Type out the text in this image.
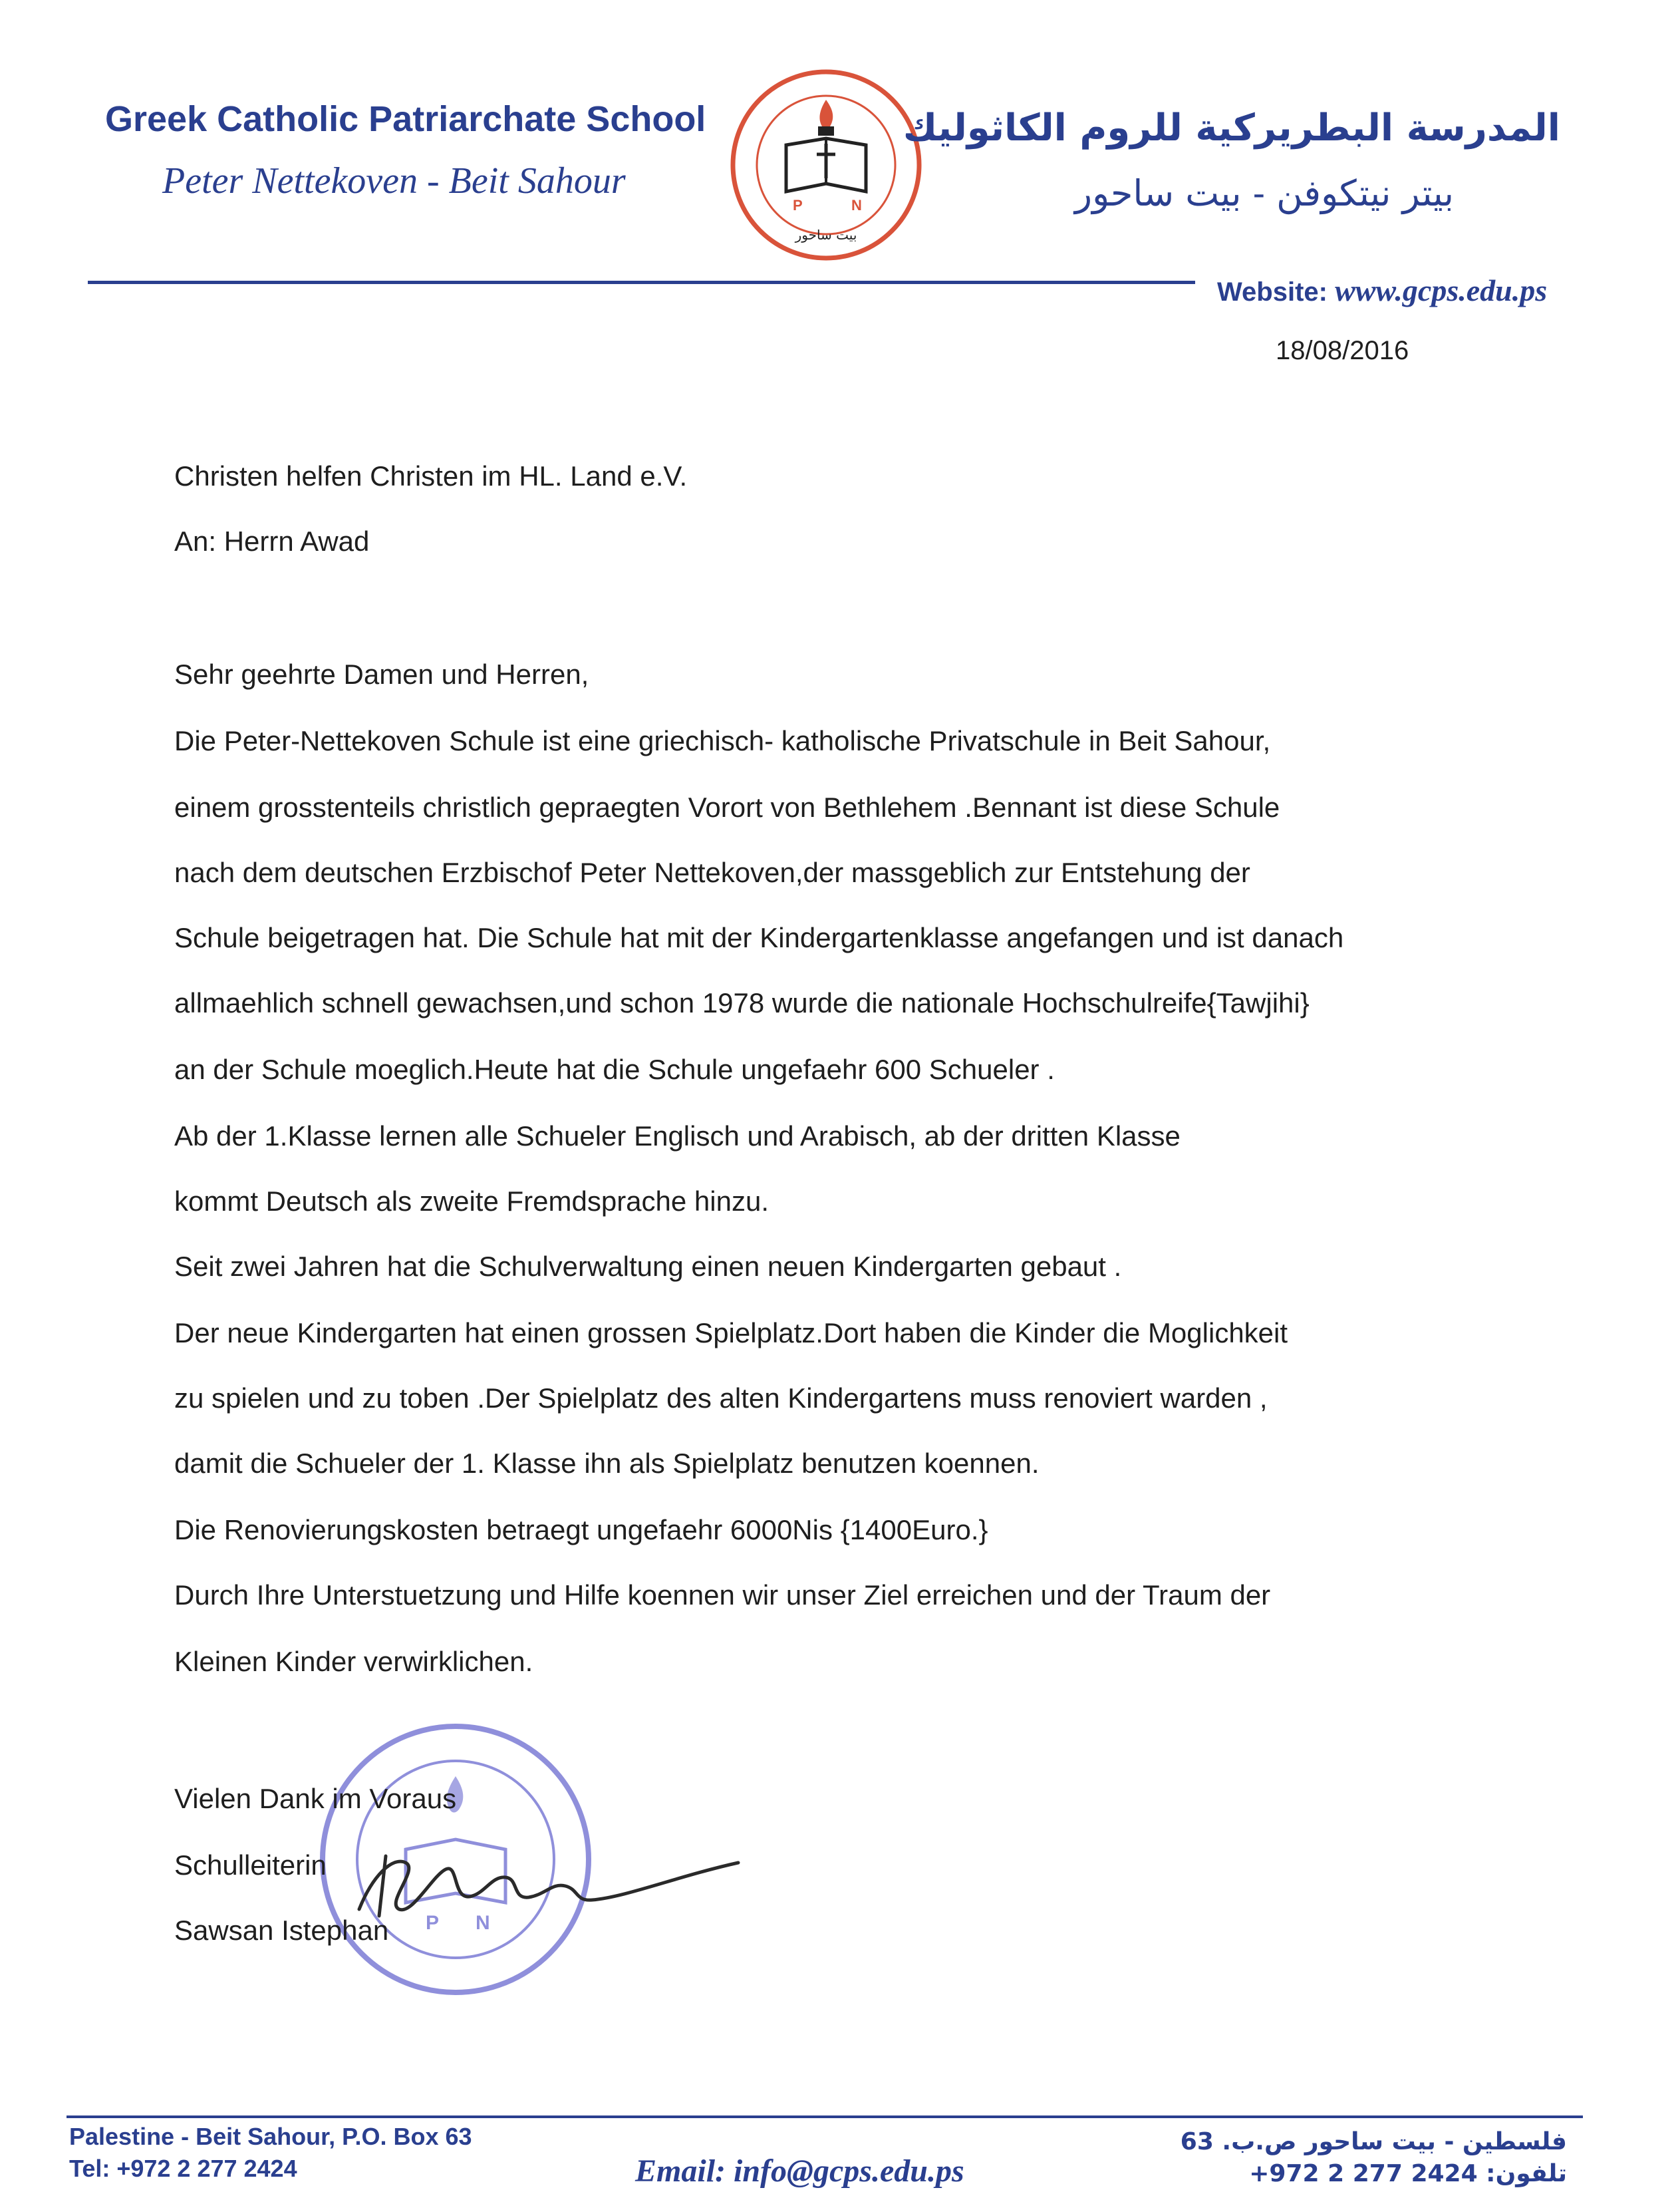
Greek Catholic Patriarchate School
Peter Nettekoven - Beit Sahour
P	N
بيت ساحور
المدرسة البطريركية للروم الكاثوليك
بيتر نيتكوفن - بيت ساحور
Website: www.gcps.edu.ps
18/08/2016
Christen helfen Christen im HL. Land e.V.
An: Herrn Awad
Sehr geehrte Damen und Herren,
Die Peter-Nettekoven Schule ist eine griechisch- katholische Privatschule in Beit Sahour,
einem grosstenteils christlich gepraegten Vorort von Bethlehem .Bennant ist diese Schule
nach dem deutschen Erzbischof Peter Nettekoven,der massgeblich zur Entstehung der
Schule beigetragen hat. Die Schule hat mit der Kindergartenklasse angefangen und ist danach
allmaehlich schnell gewachsen,und schon 1978 wurde die nationale Hochschulreife{Tawjihi}
an der Schule moeglich.Heute hat die Schule ungefaehr 600 Schueler .
Ab der 1.Klasse lernen alle Schueler Englisch und Arabisch, ab der dritten Klasse
kommt Deutsch als zweite Fremdsprache hinzu.
Seit zwei Jahren hat die Schulverwaltung einen neuen Kindergarten gebaut .
Der neue Kindergarten hat einen grossen Spielplatz.Dort haben die Kinder die Moglichkeit
zu spielen und zu toben .Der Spielplatz des alten Kindergartens muss renoviert warden ,
damit die Schueler der 1. Klasse ihn als Spielplatz benutzen koennen.
Die Renovierungskosten betraegt ungefaehr 6000Nis {1400Euro.}
Durch Ihre Unterstuetzung und Hilfe koennen wir unser Ziel erreichen und der Traum der
Kleinen Kinder verwirklichen.
P N
Vielen Dank im Voraus
Schulleiterin
Sawsan Istephan
Palestine - Beit Sahour, P.O. Box 63
Tel: +972 2 277 2424	Email: info@gcps.edu.ps
فلسطين - بيت ساحور ص.ب. 63
تلفون: 2424 277 2 972+
